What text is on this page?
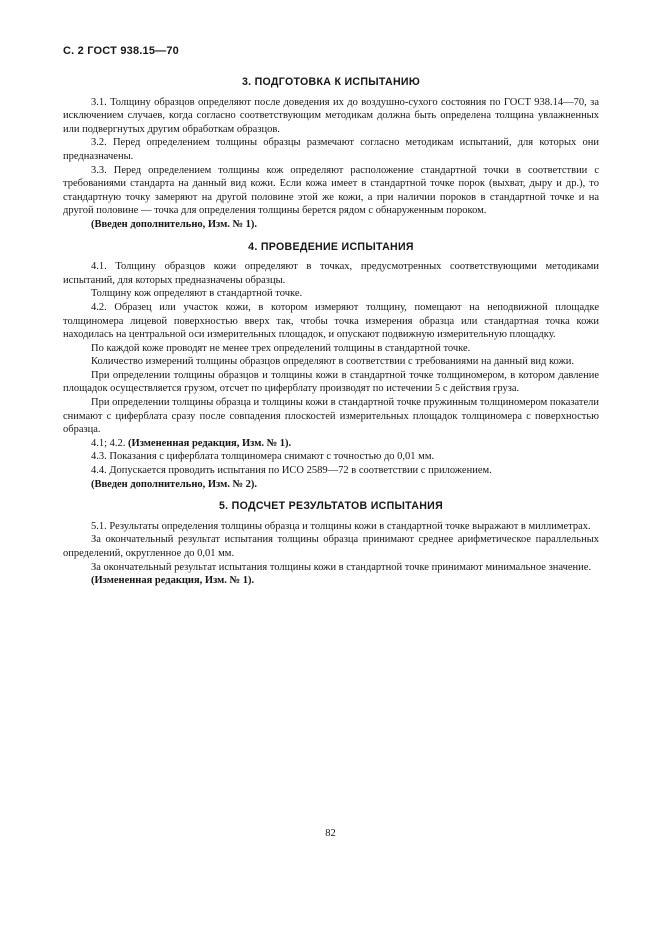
С. 2 ГОСТ 938.15—70
3. ПОДГОТОВКА К ИСПЫТАНИЮ

3.1. Толщину образцов определяют после доведения их до воздушно-сухого состояния по ГОСТ 938.14—70, за исключением случаев, когда согласно соответствующим методикам должна быть определена толщина увлажненных или подвергнутых другим обработкам образцов.

3.2. Перед определением толщины образцы размечают согласно методикам испытаний, для которых они предназначены.

3.3. Перед определением толщины кож определяют расположение стандартной точки в соответствии с требованиями стандарта на данный вид кожи. Если кожа имеет в стандартной точке порок (выхват, дыру и др.), то стандартную точку замеряют на другой половине этой же кожи, а при наличии пороков в стандартной точке и на другой половине — точка для определения толщины берется рядом с обнаруженным пороком.

(Введен дополнительно, Изм. № 1).

4. ПРОВЕДЕНИЕ ИСПЫТАНИЯ

4.1. Толщину образцов кожи определяют в точках, предусмотренных соответствующими методиками испытаний, для которых предназначены образцы.

Толщину кож определяют в стандартной точке.

4.2. Образец или участок кожи, в котором измеряют толщину, помещают на неподвижной площадке толщиномера лицевой поверхностью вверх так, чтобы точка измерения образца или стандартная точка кожи находилась на центральной оси измерительных площадок, и опускают подвижную измерительную площадку.

По каждой коже проводят не менее трех определений толщины в стандартной точке.

Количество измерений толщины образцов определяют в соответствии с требованиями на данный вид кожи.

При определении толщины образцов и толщины кожи в стандартной точке толщиномером, в котором давление площадок осуществляется грузом, отсчет по циферблату производят по истечении 5 с действия груза.

При определении толщины образца и толщины кожи в стандартной точке пружинным толщиномером показатели снимают с циферблата сразу после совпадения плоскостей измерительных площадок толщиномера с поверхностью образца.

4.1; 4.2. (Измененная редакция, Изм. № 1).

4.3. Показания с циферблата толщиномера снимают с точностью до 0,01 мм.

4.4. Допускается проводить испытания по ИСО 2589—72 в соответствии с приложением.

(Введен дополнительно, Изм. № 2).

5. ПОДСЧЕТ РЕЗУЛЬТАТОВ ИСПЫТАНИЯ

5.1. Результаты определения толщины образца и толщины кожи в стандартной точке выражают в миллиметрах.

За окончательный результат испытания толщины образца принимают среднее арифметическое параллельных определений, округленное до 0,01 мм.

За окончательный результат испытания толщины кожи в стандартной точке принимают минимальное значение.

(Измененная редакция, Изм. № 1).

82
